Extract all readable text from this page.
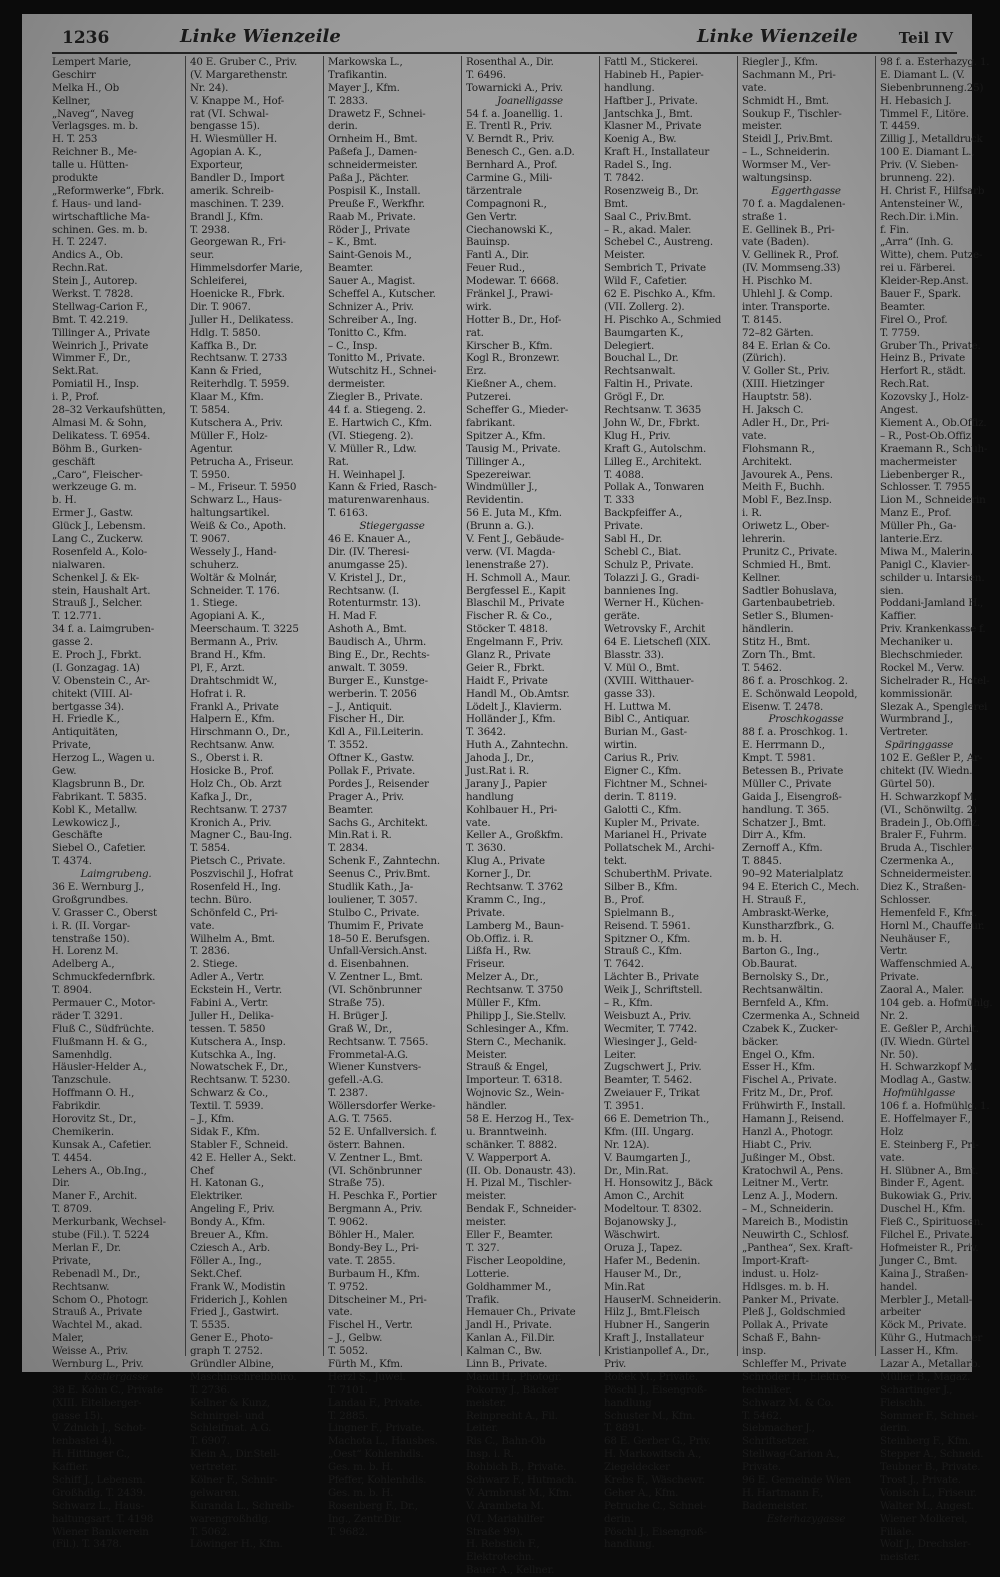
1236	Linke Wienzeile	Linke Wienzeile	Teil IV
Lempert Marie,
Geschirr
Melka H., Ob
Kellner,
„Naveg“, Naveg
Verlagsges. m. b.
H. T. 253
Reichner B., Me-
talle u. Hütten-
produkte
„Reformwerke“, Fbrk.
f. Haus- und land-
wirtschaftliche Ma-
schinen. Ges. m. b.
H. T. 2247.
Andics A., Ob.
Rechn.Rat.
Stein J., Autorep.
Werkst. T. 7828.
Stellwag-Carion F.,
Bmt. T. 42.219.
Tillinger A., Private
Weinrich J., Private
Wimmer F., Dr.,
Sekt.Rat.
Pomiatil H., Insp.
i. P., Prof.
28–32 Verkaufshütten,
Almasi M. & Sohn,
Delikatess. T. 6954.
Böhm B., Gurken-
geschäft
„Caro“, Fleischer-
werkzeuge G. m.
b. H.
Ermer J., Gastw.
Glück J., Lebensm.
Lang C., Zuckerw.
Rosenfeld A., Kolo-
nialwaren.
Schenkel J. & Ek-
stein, Haushalt Art.
Strauß J., Selcher.
T. 12.771.
34 f. a. Laimgruben-
gasse 2.
E. Proch J., Fbrkt.
(I. Gonzagag. 1A)
V. Obenstein C., Ar-
chitekt (VIII. Al-
bertgasse 34).
H. Friedle K.,
Antiquitäten,
Private,
Herzog L., Wagen u.
Gew.
Klagsbrunn B., Dr.
Fabrikant. T. 5835.
Kobl K., Metallw.
Lewkowicz J.,
Geschäfte
Siebel O., Cafetier.
T. 4374.
Laimgrubeng.
36 E. Wernburg J.,
Großgrundbes.
V. Grasser C., Oberst
i. R. (II. Vorgar-
tenstraße 150).
H. Lorenz M.
Adelberg A.,
Schmuckfedernfbrk.
T. 8904.
Permauer C., Motor-
räder T. 3291.
Fluß C., Südfrüchte.
Flußmann H. & G.,
Samenhdlg.
Häusler-Helder A.,
Tanzschule.
Hoffmann O. H.,
Fabrikdir.
Horovitz St., Dr.,
Chemikerin.
Kunsak A., Cafetier.
T. 4454.
Lehers A., Ob.Ing.,
Dir.
Maner F., Archit.
T. 8709.
Merkurbank, Wechsel-
stube (Fil.). T. 5224
Merlan F., Dr.
Private,
Rebenadl M., Dr.,
Rechtsanw.
Schom O., Photogr.
Strauß A., Private
Wachtel M., akad.
Maler,
Weisse A., Priv.
Wernburg L., Priv.
Köstlergasse
38 E. Kohn C., Private
(XIII. Eitelberger-
gasse 15).
V. Zdnich J., Schot-
tenbastei 4).
H. Hittinger C.,
Kaffier.
Schiff J., Lebensm.
Großhdlg. T. 2439.
Schwarz L., Haus-
haltungsart. T. 4198
Wiener Bankverein
(Fil.). T. 3478.
40 E. Gruber C., Priv.
(V. Margarethenstr.
Nr. 24).
V. Knappe M., Hof-
rat (VI. Schwal-
bengasse 15).
H. Wiesmüller H.
Agopian A. K.,
Exporteur,
Bandler D., Import
amerik. Schreib-
maschinen. T. 239.
Brandl J., Kfm.
T. 2938.
Georgewan R., Fri-
seur.
Himmelsdorfer Marie,
Schleiferei,
Hoenicke R., Fbrk.
Dir. T. 9067.
Juller H., Delikatess.
Hdlg. T. 5850.
Kaffka B., Dr.
Rechtsanw. T. 2733
Kann & Fried,
Reiterhdlg. T. 5959.
Klaar M., Kfm.
T. 5854.
Kutschera A., Priv.
Müller F., Holz-
Agentur.
Petrucha A., Friseur.
T. 5950.
– M., Friseur. T. 5950
Schwarz L., Haus-
haltungsartikel.
Weiß & Co., Apoth.
T. 9067.
Wessely J., Hand-
schuherz.
Woltär & Molnár,
Schneider. T. 176.
1. Stiege.
Agopiani A. K.,
Meerschaum. T. 3225
Bermann A., Priv.
Brand H., Kfm.
Pl, F., Arzt.
Drahtschmidt W.,
Hofrat i. R.
Frankl A., Private
Halpern E., Kfm.
Hirschmann O., Dr.,
Rechtsanw. Anw.
S., Oberst i. R.
Hosicke B., Prof.
Holz Ch., Ob. Arzt
Kafka J., Dr.,
Rechtsanw. T. 2737
Kronich A., Priv.
Magner C., Bau-Ing.
T. 5854.
Pietsch C., Private.
Poszvischil J., Hofrat
Rosenfeld H., Ing.
techn. Büro.
Schönfeld C., Pri-
vate.
Wilhelm A., Bmt.
T. 2836.
2. Stiege.
Adler A., Vertr.
Eckstein H., Vertr.
Fabini A., Vertr.
Juller H., Delika-
tessen. T. 5850
Kutschera A., Insp.
Kutschka A., Ing.
Nowatschek F., Dr.,
Rechtsanw. T. 5230.
Schwarz & Co.,
Textil. T. 5939.
– J., Kfm.
Sidak F., Kfm.
Stabler F., Schneid.
42 E. Heller A., Sekt.
Chef
H. Katonan G.,
Elektriker.
Angeling F., Priv.
Bondy A., Kfm.
Breuer A., Kfm.
Cziesch A., Arb.
Föller A., Ing.,
Sekt.Chef.
Frank W., Modistin
Friderich J., Kohlen
Fried J., Gastwirt.
T. 5535.
Gener E., Photo-
graph T. 2752.
Gründler Albine,
Maschinschreibbüro.
T. 2736.
Kellner & Kunz,
Schnirgel- und
Schleifmat. A.G.
T. 6907.
Klein A., Dir.Stell-
vertreter.
Kölner F., Schnir-
gelwaren.
Kuranda L., Schreib-
warengroßhdlg.
T. 5062.
Löwinger H., Kfm.
Markowska L.,
Trafikantin.
Mayer J., Kfm.
T. 2833.
Drawetz F., Schnei-
derin.
Ornheim H., Bmt.
Paßefa J., Damen-
schneidermeister.
Paßa J., Pächter.
Pospisil K., Install.
Preuße F., Werkfhr.
Raab M., Private.
Röder J., Private
– K., Bmt.
Saint-Genois M.,
Beamter.
Sauer A., Magist.
Scheffel A., Kutscher.
Schnizer A., Priv.
Schreiber A., Ing.
Tonitto C., Kfm.
– C., Insp.
Tonitto M., Private.
Wutschitz H., Schnei-
dermeister.
Ziegler B., Private.
44 f. a. Stiegeng. 2.
E. Hartwich C., Kfm.
(VI. Stiegeng. 2).
V. Müller R., Ldw.
Rat.
H. Weinhapel J.
Kann & Fried, Rasch-
maturenwarenhaus.
T. 6163.
Stiegergasse
46 E. Knauer A.,
Dir. (IV. Theresi-
anumgasse 25).
V. Kristel J., Dr.,
Rechtsanw. (I.
Rotenturmstr. 13).
H. Mad F.
Ashoth A., Bmt.
Baudisch A., Uhrm.
Bing E., Dr., Rechts-
anwalt. T. 3059.
Burger E., Kunstge-
werberin. T. 2056
– J., Antiquit.
Fischer H., Dir.
Kdl A., Fil.Leiterin.
T. 3552.
Oftner K., Gastw.
Pollak F., Private.
Pordes J., Reisender
Prager A., Priv.
Beamter.
Sachs G., Architekt.
Min.Rat i. R.
T. 2834.
Schenk F., Zahntechn.
Seenus C., Priv.Bmt.
Studlik Kath., Ja-
louliener, T. 3057.
Stulbo C., Private.
Thumim F., Private
18–50 E. Berufsgen.
Unfall-Versich.Anst.
d. Eisenbahnen.
V. Zentner L., Bmt.
(VI. Schönbrunner
Straße 75).
H. Brüger J.
Graß W., Dr.,
Rechtsanw. T. 7565.
Frommetal-A.G.
Wiener Kunstvers-
gefell.-A.G.
T. 2387.
Wöllersdorfer Werke-
A.G. T. 7565.
52 E. Unfallversich. f.
österr. Bahnen.
V. Zentner L., Bmt.
(VI. Schönbrunner
Straße 75).
H. Peschka F., Portier
Bergmann A., Priv.
T. 9062.
Böhler H., Maler.
Bondy-Bey L., Pri-
vate. T. 2855.
Burbaum H., Kfm.
T. 9752.
Ditscheiner M., Pri-
vate.
Fischel H., Vertr.
– J., Gelbw.
T. 5052.
Fürth M., Kfm.
Herzl S., Juwel.
T. 7101.
Landau F., Private.
T. 2885.
Lingner F., Private.
Machota L., Hausbes.
„Oest“ Kohlenhdls.
Ges. m. b. H.
Pfeffer, Kohlenhdls.
Ges. m. b. H.
Rosenberg F., Dr.,
Ing., Zentr.Dir.
T. 9682.
Rosenthal A., Dir.
T. 6496.
Towarnicki A., Priv.
Joanelligasse
54 f. a. Joanellig. 1.
E. Trentl R., Priv.
V. Berndt R., Priv.
Benesch C., Gen. a.D.
Bernhard A., Prof.
Carmine G., Mili-
tärzentrale
Compagnoni R.,
Gen Vertr.
Ciechanowski K.,
Bauinsp.
Fantl A., Dir.
Feuer Rud.,
Modewar. T. 6668.
Fränkel J., Prawi-
wirk.
Hotter B., Dr., Hof-
rat.
Kirscher B., Kfm.
Kogl R., Bronzewr.
Erz.
Kießner A., chem.
Putzerei.
Scheffer G., Mieder-
fabrikant.
Spitzer A., Kfm.
Tausig M., Private.
Tillinger A.,
Spezereiwar.
Windmüller J.,
Revidentin.
56 E. Juta M., Kfm.
(Brunn a. G.).
V. Fent J., Gebäude-
verw. (VI. Magda-
lenenstraße 27).
H. Schmoll A., Maur.
Bergfessel E., Kapit
Blaschil M., Private
Fischer R. & Co.,
Stöcker T. 4818.
Engelmann F., Priv.
Glanz R., Private
Geier R., Fbrkt.
Haidt F., Private
Handl M., Ob.Amtsr.
Lödelt J., Klavierm.
Holländer J., Kfm.
T. 3642.
Huth A., Zahntechn.
Jahoda J., Dr.,
Just.Rat i. R.
Jarany J., Papier
handlung
Kohlbauer H., Pri-
vate.
Keller A., Großkfm.
T. 3630.
Klug A., Private
Korner J., Dr.
Rechtsanw. T. 3762
Kramm C., Ing.,
Private.
Lamberg M., Baun-
Ob.Offiz. i. R.
Lißfa H., Rw.
Friseur.
Melzer A., Dr.,
Rechtsanw. T. 3750
Müller F., Kfm.
Philipp J., Sie.Stellv.
Schlesinger A., Kfm.
Stern C., Mechanik.
Meister.
Strauß & Engel,
Importeur. T. 6318.
Wojnovic Sz., Wein-
händler.
58 E. Herzog H., Tex-
u. Branntweinh.
schänker. T. 8882.
V. Wapperport A.
(II. Ob. Donaustr. 43).
H. Pizal M., Tischler-
meister.
Bendak F., Schneider-
meister.
Eller F., Beamter.
T. 327.
Fischer Leopoldine,
Lotterie.
Goldhammer M.,
Trafik.
Hemauer Ch., Private
Jandl H., Private.
Kanlan A., Fil.Dir.
Kalman C., Bw.
Linn B., Private.
Mandl H., Photogr.
Pokorny J., Bäcker
meister.
Reinprecht A., Fil.
Leiter.
Ris C., Bahn-Ob
Insp. i. R.
Rohbich B., Private.
Schwarz F., Hutmach.
V. Armbrust M., Kfm.
V. Arambeta M.
(VI. Mariahilfer
Straße 99).
H. Rebstich F.,
Elektrotechn.
Bauer A., Kellner.
Fattl M., Stickerei.
Habineb H., Papier-
handlung.
Haftber J., Private.
Jantschka J., Bmt.
Klasner M., Private
Koenig A., Bw.
Kraft H., Installateur
Radel S., Ing.
T. 7842.
Rosenzweig B., Dr.
Bmt.
Saal C., Priv.Bmt.
– R., akad. Maler.
Schebel C., Austreng.
Meister.
Sembrich T., Private
Wild F., Cafetier.
62 E. Pischko A., Kfm.
(VII. Zollerg. 2).
H. Pischko A., Schmied
Baumgarten K.,
Delegiert.
Bouchal L., Dr.
Rechtsanwalt.
Faltin H., Private.
Grögl F., Dr.
Rechtsanw. T. 3635
John W., Dr., Fbrkt.
Klug H., Priv.
Kraft G., Autolschm.
Lilleg E., Architekt.
T. 4088.
Pollak A., Tonwaren
T. 333
Backpfeiffer A.,
Private.
Sabl H., Dr.
Schebl C., Biat.
Schulz P., Private.
Tolazzi J. G., Gradi-
bannienes Ing.
Werner H., Küchen-
geräte.
Wetrovsky F., Archit
64 E. Lietschefl (XIX.
Blasstr. 33).
V. Mül O., Bmt.
(XVIII. Witthauer-
gasse 33).
H. Luttwa M.
Bibl C., Antiquar.
Burian M., Gast-
wirtin.
Carius R., Priv.
Eigner C., Kfm.
Fichtner M., Schnei-
derin. T. 8119.
Galotti C., Kfm.
Kupler M., Private.
Marianel H., Private
Pollatschek M., Archi-
tekt.
SchuberthM. Private.
Silber B., Kfm.
B., Prof.
Spielmann B.,
Reisend. T. 5961.
Spitzner O., Kfm.
Strauß C., Kfm.
T. 7642.
Lächter B., Private
Weik J., Schriftstell.
– R., Kfm.
Weisbuzt A., Priv.
Wecmiter, T. 7742.
Wiesinger J., Geld-
Leiter.
Zugschwert J., Priv.
Beamter, T. 5462.
Zweiauer F., Trikat
T. 3951.
66 E. Demetrion Th.,
Kfm. (III. Ungarg.
Nr. 12A).
V. Baumgarten J.,
Dr., Min.Rat.
H. Honsowitz J., Bäck
Amon C., Archit
Modeltour. T. 8302.
Bojanowsky J.,
Wäschwirt.
Oruza J., Tapez.
Hafer M., Bedenin.
Hauser M., Dr.,
Min.Rat
HauserM. Schneiderin.
Hilz J., Bmt.Fleisch
Hubner H., Sangerin
Kraft J., Installateur
Kristianpollef A., Dr.,
Priv.
Roßek M., Private.
Pöschl J., Eisengroß-
handlung
Schuster M., Kfm.
T. 8891.
68 E. Gerber G., Priv.
H. Markowitsch A.,
Ziegeldecker
Krebs F., Wäschewr.
Geher A., Kfm.
Petruche C., Schnei-
derin.
Pöschl J., Eisengroß-
handlung.
Riegler J., Kfm.
Sachmann M., Pri-
vate.
Schmidt H., Bmt.
Soukup F., Tischler-
meister.
Steidl J., Priv.Bmt.
– L., Schneiderin.
Wormser M., Ver-
waltungsinsp.
Eggerthgasse
70 f. a. Magdalenen-
straße 1.
E. Gellinek B., Pri-
vate (Baden).
V. Gellinek R., Prof.
(IV. Mommseng.33)
H. Pischko M.
Uhlehl J. & Comp.
inter. Transporte.
T. 8145.
72–82 Gärten.
84 E. Erlan & Co.
(Zürich).
V. Goller St., Priv.
(XIII. Hietzinger
Hauptstr. 58).
H. Jaksch C.
Adler H., Dr., Pri-
vate.
Flohsmann R.,
Architekt.
Javourek A., Pens.
Meith F., Buchh.
Mobl F., Bez.Insp.
i. R.
Oriwetz L., Ober-
lehrerin.
Prunitz C., Private.
Schmied H., Bmt.
Kellner.
Sadtler Bohuslava,
Gartenbaubetrieb.
Setler S., Blumen-
händlerin.
Stitz H., Bmt.
Zorn Th., Bmt.
T. 5462.
86 f. a. Proschkog. 2.
E. Schönwald Leopold,
Eisenw. T. 2478.
Proschkogasse
88 f. a. Proschkog. 1.
E. Herrmann D.,
Kmpt. T. 5981.
Betessen B., Private
Müller C., Private
Gaida J., Eisengroß-
handlung. T. 365.
Schatzer J., Bmt.
Dirr A., Kfm.
Zernoff A., Kfm.
T. 8845.
90–92 Materialplatz
94 E. Eterich C., Mech.
H. Strauß F.,
Ambraskt-Werke,
Kunstharzfbrk., G.
m. b. H.
Barton G., Ing.,
Ob.Baurat.
Bernolsky S., Dr.,
Rechtsanwältin.
Bernfeld A., Kfm.
Czermenka A., Schneid
Czabek K., Zucker-
bäcker.
Engel O., Kfm.
Esser H., Kfm.
Fischel A., Private.
Fritz M., Dr., Prof.
Frühwirth F., Install.
Hamann J., Reisend.
Hanzl A., Photogr.
Hiabt C., Priv.
Jußinger M., Obst.
Kratochwil A., Pens.
Leitner M., Vertr.
Lenz A. J., Modern.
– M., Schneiderin.
Mareich B., Modistin
Neuwirth C., Schlosf.
„Panthea“, Sex. Kraft-
Import-Kraft-
indust. u. Holz-
Hdlsges. m. b. H.
Panker M., Private.
Pleß J., Goldschmied
Pollak A., Private
Schaß F., Bahn-
insp.
Schleffer M., Private
Schröder H., Elektro-
techniker.
Schwarz M. & Co.
T. 5462.
Siebmacher J.,
Schriftsetzer.
Stellwag-Carion A.,
Private.
96 E. Gemeinde Wien
H. Hartmann F.,
Bademeister.
Esterhazygasse
98 f. a. Esterhazyg. 1.
E. Diamant L. (V.
Siebenbrunneng.25)
H. Hebasich J.
Timmel F., Litöre.
T. 4459.
Zillig J., Metalldruck
100 E. Diamant L.,
Priv. (V. Sieben-
brunneng. 22).
H. Christ F., Hilfsarb
Antensteiner W.,
Rech.Dir. i.Min.
f. Fin.
„Arra“ (Inh. G.
Witte), chem. Putze-
rei u. Färberei.
Kleider-Rep.Anst.
Bauer F., Spark.
Beamter.
Firel O., Prof.
T. 7759.
Gruber Th., Private.
Heinz B., Private
Herfort R., städt.
Rech.Rat.
Kozovsky J., Holz-
Angest.
Kiement A., Ob.Offiz.
– R., Post-Ob.Offiz.
Kraemann R., Schuh-
machermeister
Liebenberger R.,
Schlosser. T. 7955
Lion M., Schneiderin
Manz E., Prof.
Müller Ph., Ga-
lanterie.Erz.
Miwa M., Malerin.
Panigl C., Klavier-
schilder u. Intarsien.
sien.
Poddani-Jamland H.,
Kaffier.
Priv. Krankenkasse f.
Mechaniker u.
Blechschmieder.
Rockel M., Verw.
Sichelrader R., Hotel-
kommissionär.
Slezak A., Spenglerei
Wurmbrand J.,
Vertreter.
Späringgasse
102 E. Geßler P., Ar-
chitekt (IV. Wiedn.
Gürtel 50).
H. Schwarzkopf M.
(VI., Schönwiltg. 2)
Bradein J., Ob.Offiz.
Braler F., Fuhrm.
Bruda A., Tischler-
Czermenka A.,
Schneidermeister.
Diez K., Straßen-
Schlosser.
Hemenfeld F., Kfm.
Hornl M., Chauffeur.
Neuhäuser F.,
Vertr.
Waffenschmied A.,
Private.
Zaoral A., Maler.
104 geb. a. Hofmühlg.
Nr. 2.
E. Geßler P., Archit.
(IV. Wiedn. Gürtel
Nr. 50).
H. Schwarzkopf M.
Modlag A., Gastw.
Hofmühlgasse
106 f. a. Hofmühlg. 1.
E. Hoffelmayer F.,
Holz
E. Steinberg F., Pri-
vate.
H. Slübner A., Bmt.
Binder F., Agent.
Bukowiak G., Priv.
Duschel H., Kfm.
Fieß C., Spirituosen.
Filchel E., Private.
Hofmeister R., Priv.
Junger C., Bmt.
Kaina J., Straßen-
handel.
Merbler J., Metall-
arbeiter
Köck M., Private.
Kühr G., Hutmacher
Lasser H., Kfm.
Lazar A., Metallarb.
Müller B., Magaz.
Schartinger J.,
Fleischh.
Sommer F., Schnei-
derin.
Steinberg F., Kfm.
Stepper A., Schneid.
Teubner B., Private.
Trost J., Private.
Vonisch L., Friseur.
Walter M., Angest.
Wiener Molkerei,
Filiale.
Wolf J., Drechsler-
meister.
